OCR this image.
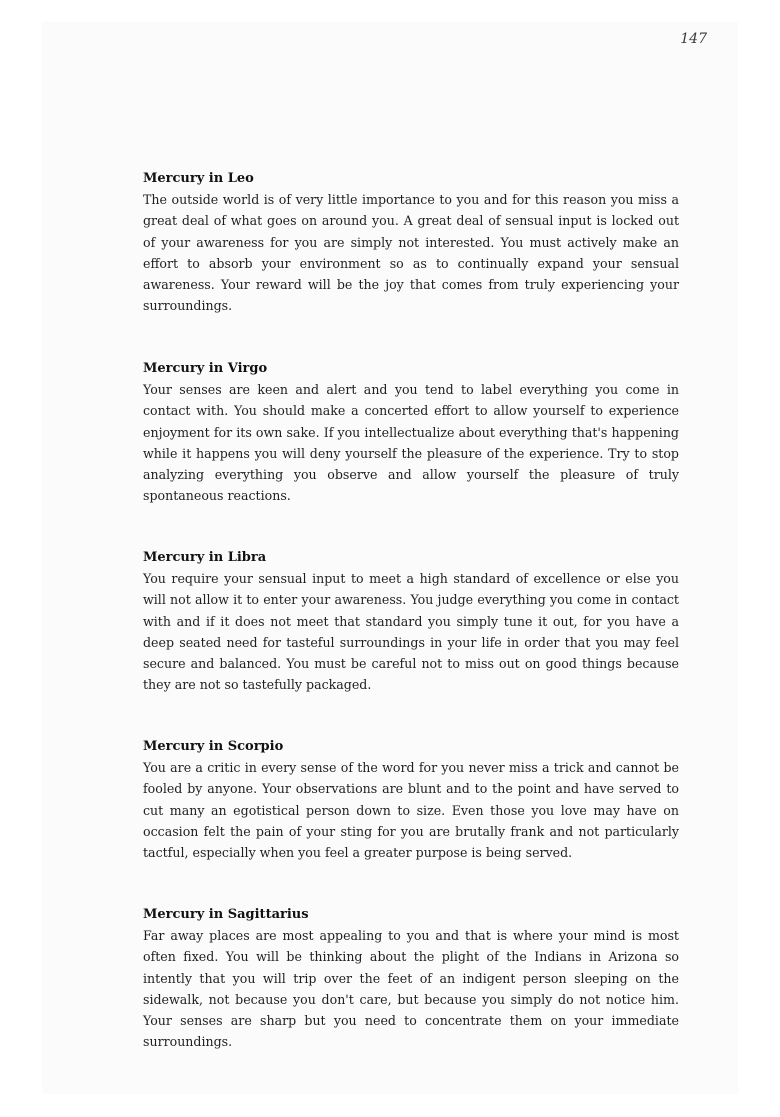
147
Mercury in Leo

The outside world is of very little importance to you and for this reason you miss a great deal of what goes on around you. A great deal of sensual input is locked out of your awareness for you are simply not interested. You must actively make an effort to absorb your environment so as to continually expand your sensual awareness. Your reward will be the joy that comes from truly experiencing your surroundings.

Mercury in Virgo

Your senses are keen and alert and you tend to label everything you come in contact with. You should make a concerted effort to allow yourself to experience enjoyment for its own sake. If you intellectualize about everything that's happening while it happens you will deny yourself the pleasure of the experience. Try to stop analyzing everything you observe and allow yourself the pleasure of truly spontaneous reactions.

Mercury in Libra

You require your sensual input to meet a high standard of excellence or else you will not allow it to enter your awareness. You judge everything you come in contact with and if it does not meet that standard you simply tune it out, for you have a deep seated need for tasteful surroundings in your life in order that you may feel secure and balanced. You must be careful not to miss out on good things because they are not so tastefully packaged.

Mercury in Scorpio

You are a critic in every sense of the word for you never miss a trick and cannot be fooled by anyone. Your observations are blunt and to the point and have served to cut many an egotistical person down to size. Even those you love may have on occasion felt the pain of your sting for you are brutally frank and not particularly tactful, especially when you feel a greater purpose is being served.

Mercury in Sagittarius

Far away places are most appealing to you and that is where your mind is most often fixed. You will be thinking about the plight of the Indians in Arizona so intently that you will trip over the feet of an indigent person sleeping on the sidewalk, not because you don't care, but because you simply do not notice him. Your senses are sharp but you need to concentrate them on your immediate surroundings.
